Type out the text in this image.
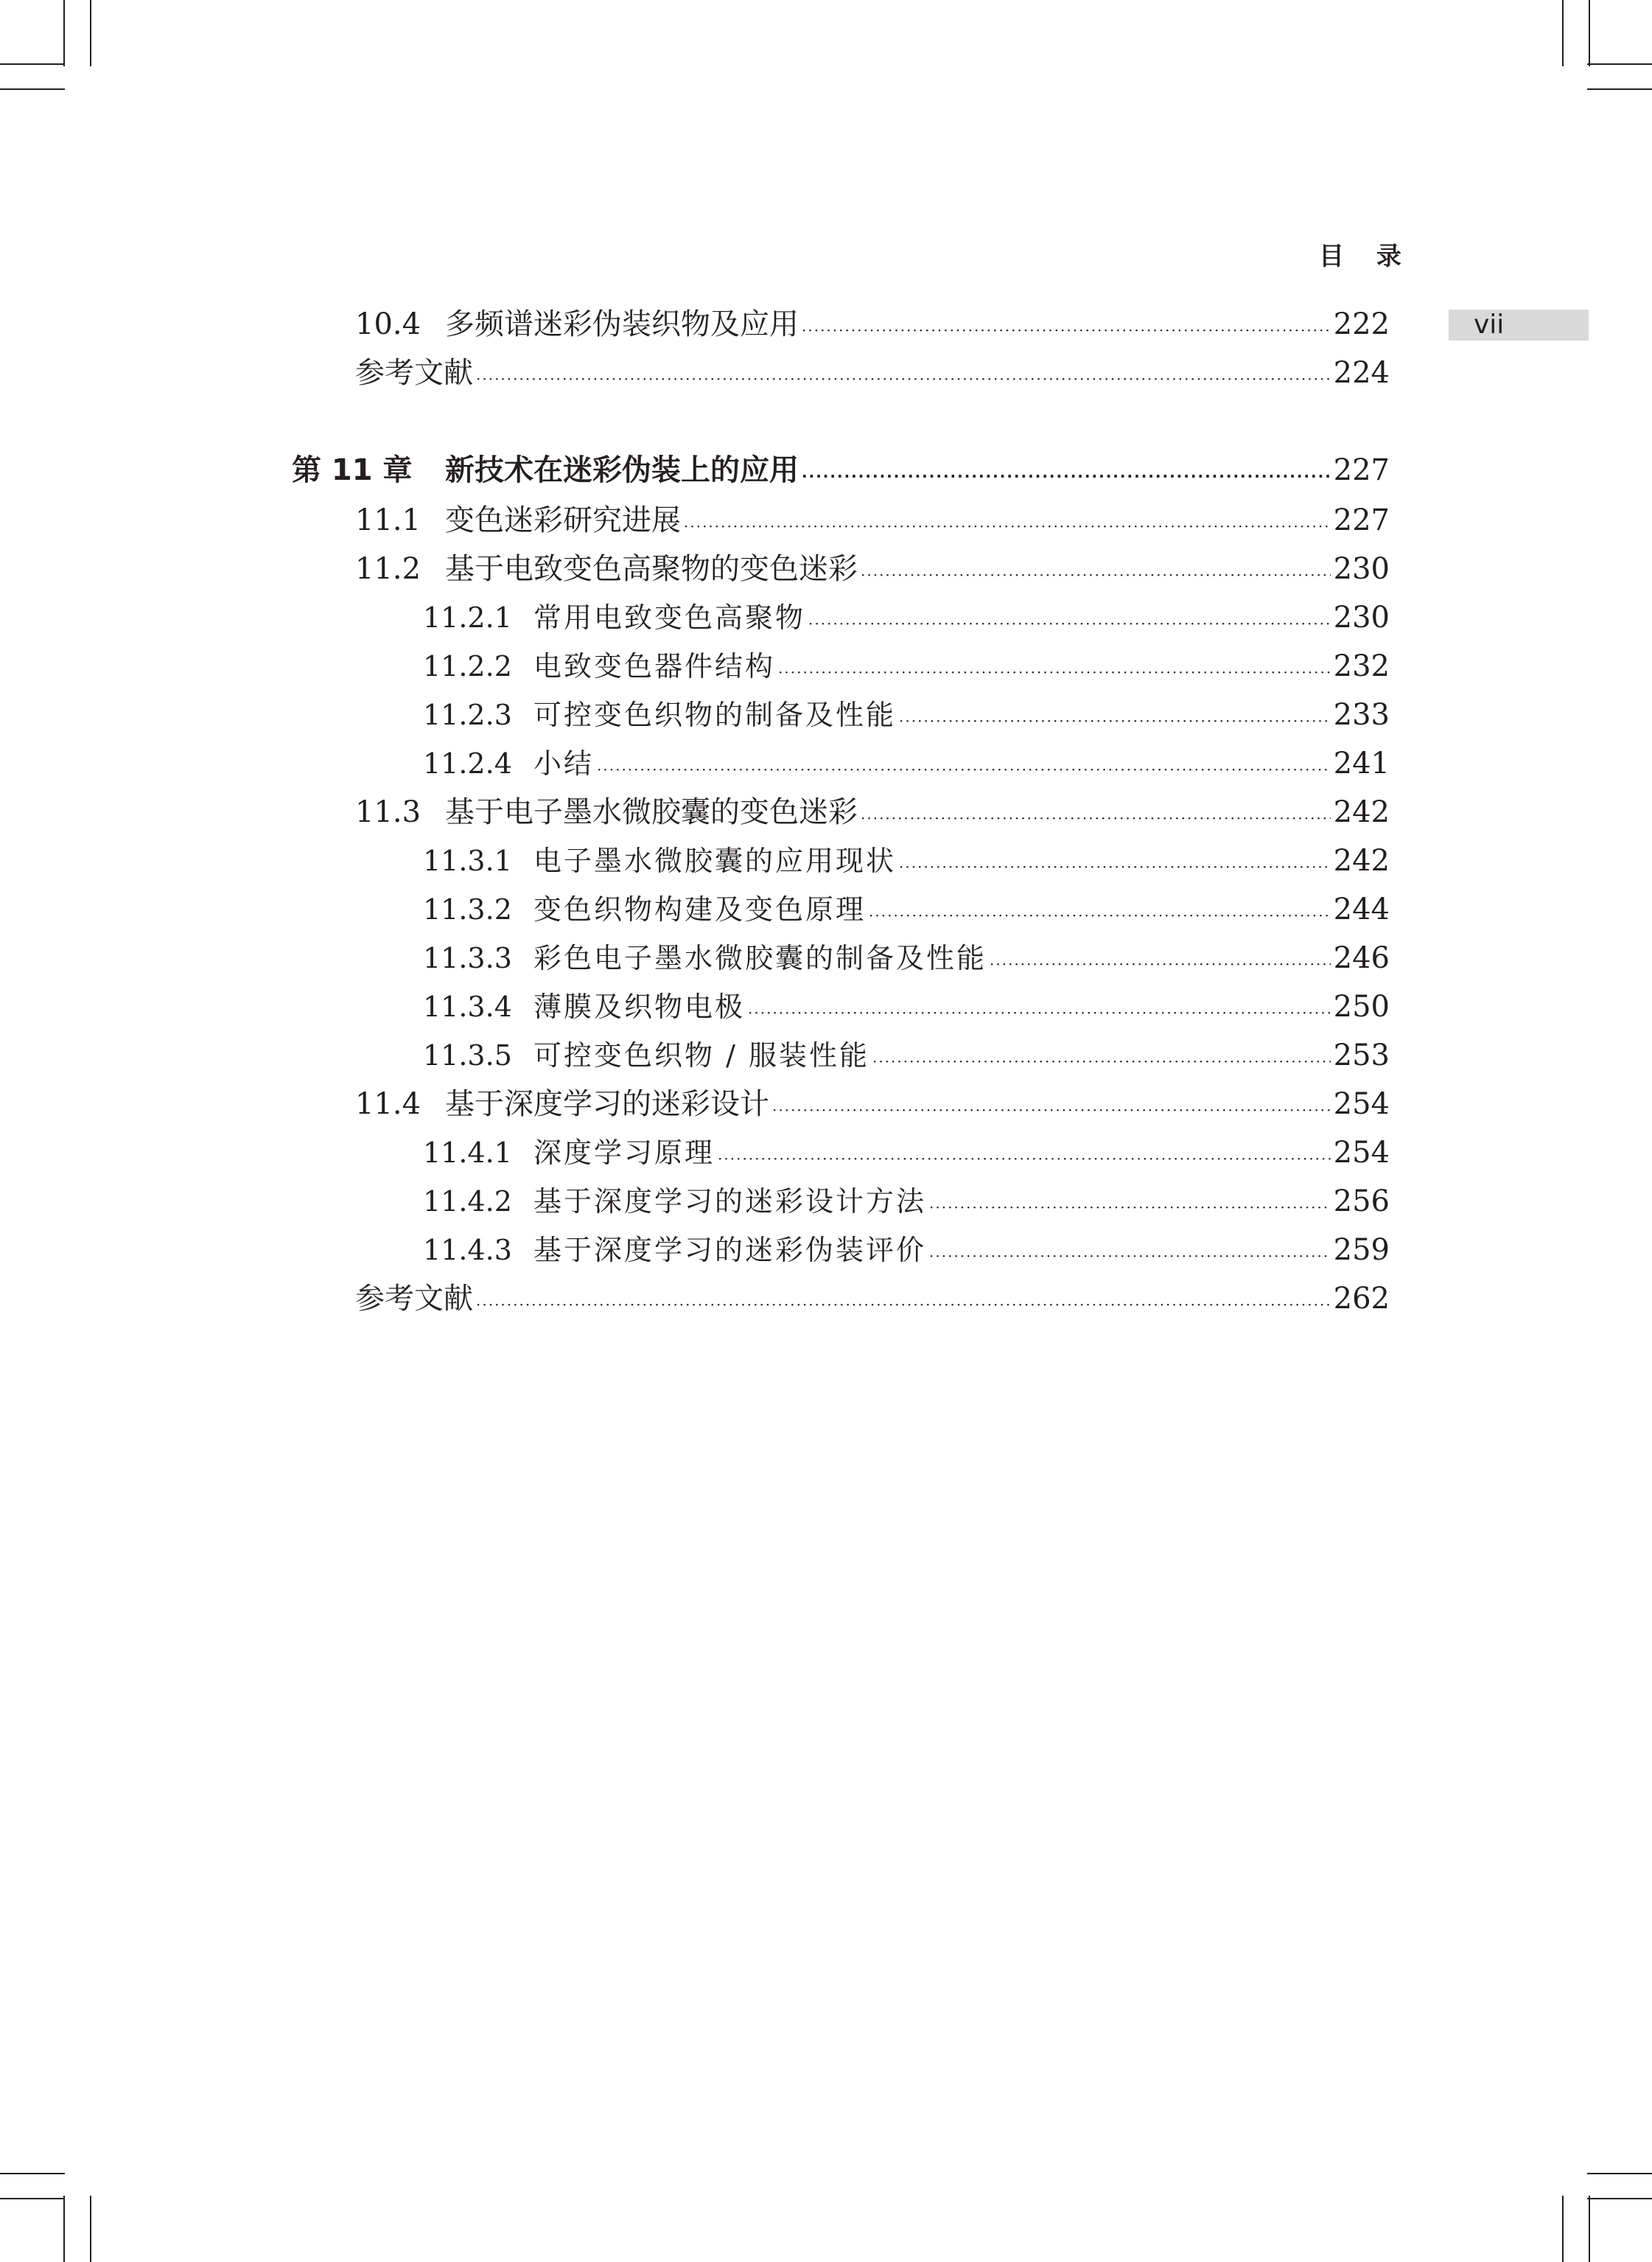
目 录
vii
10.4 多频谱迷彩伪装织物及应用 ·····	222
参考文献 ·····	224
第 11 章	新技术在迷彩伪装上的应用 ·····	227
11.1 变色迷彩研究进展 ·····	227
11.2 基于电致变色高聚物的变色迷彩 ·····	230
11.2.1 常用电致变色高聚物 ·····	230
11.2.2 电致变色器件结构 ·····	232
11.2.3 可控变色织物的制备及性能 ·····	233
11.2.4 小结 ·····	241
11.3 基于电子墨水微胶囊的变色迷彩 ·····	242
11.3.1 电子墨水微胶囊的应用现状 ·····	242
11.3.2 变色织物构建及变色原理 ·····	244
11.3.3 彩色电子墨水微胶囊的制备及性能 ·····	246
11.3.4 薄膜及织物电极 ·····	250
11.3.5 可控变色织物 / 服装性能 ·····	253
11.4 基于深度学习的迷彩设计 ·····	254
11.4.1 深度学习原理 ·····	254
11.4.2 基于深度学习的迷彩设计方法 ·····	256
11.4.3 基于深度学习的迷彩伪装评价 ·····	259
参考文献 ·····	262
